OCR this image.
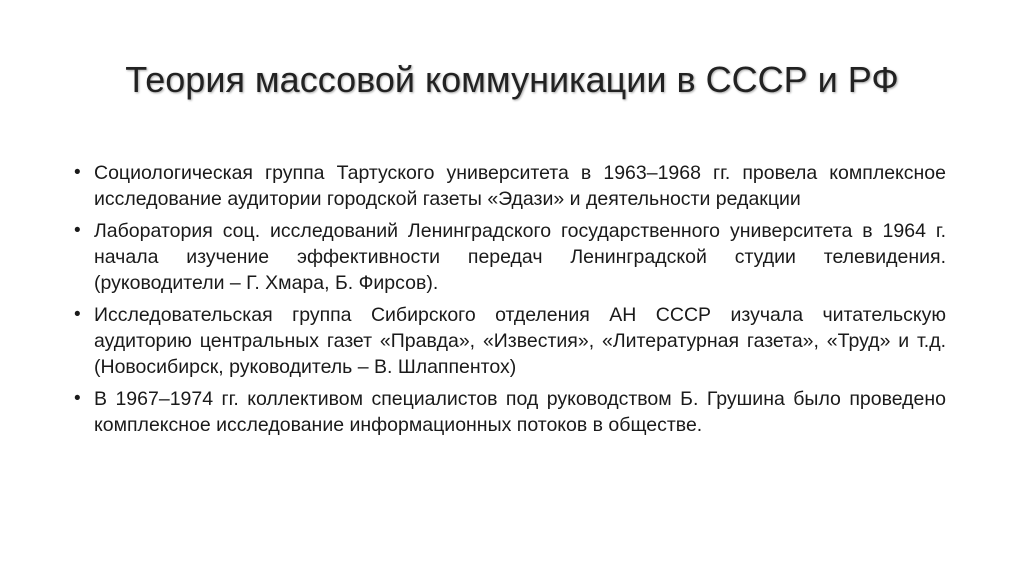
Теория массовой коммуникации в СССР и РФ
• Социологическая группа Тартуского университета в 1963–1968 гг. провела комплексное исследование аудитории городской газеты «Эдази» и деятельности редакции
• Лаборатория соц. исследований Ленинградского государственного университета в 1964 г. начала изучение эффективности передач Ленинградской студии телевидения. (руководители – Г. Хмара, Б. Фирсов).
• Исследовательская группа Сибирского отделения АН СССР изучала читательскую аудиторию центральных газет «Правда», «Известия», «Литературная газета», «Труд» и т.д. (Новосибирск, руководитель – В. Шлаппентох)
• В 1967–1974 гг. коллективом специалистов под руководством Б. Грушина было проведено комплексное исследование информационных потоков в обществе.
